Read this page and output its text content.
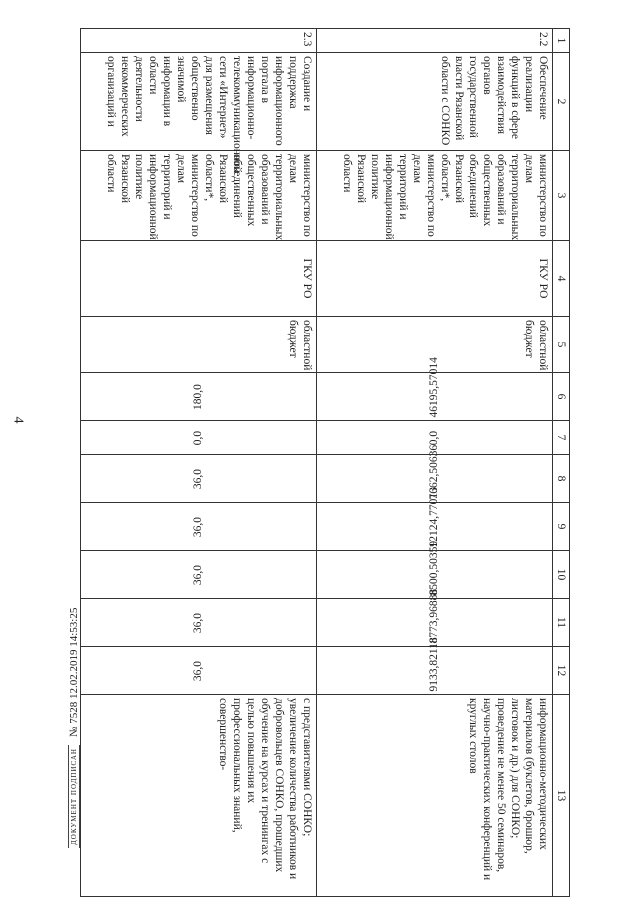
4
1	2	3	4	5	6	7	8	9	10	11	12	13
2.2	Обеспечение реализации функций в сфере взаимодействия органов государственной власти Рязанской области с СОНКО	министерство по делам территориальных образований и общественных объединений Рязанской области*, министерство по делам территорий и информационной политике Рязанской области	ГКУ РО	областной бюджет	46195,57014	0,0	7662,50636	12124,77013	8500,50359	8773,96888	9133,82118	информационно-методических материалов (буклетов, брошюр, листовок и др.) для СОНКО; проведение не менее 50 семинаров, научно-практических конференций и круглых столов
2.3	Создание и поддержка информационного портала в информационно-телекоммуникационной сети «Интернет» для размещения общественно значимой информации в области деятельности некоммерческих организаций и	министерство по делам территориальных образований и общественных объединений Рязанской области*, министерство по делам территорий и информационной политике Рязанской области	ГКУ РО	областной бюджет	180,0	0,0	36,0	36,0	36,0	36,0	36,0	с представителями СОНКО; увеличение количества работников и добровольцев СОНКО, прошедших обучение на курсах и тренингах с целью повышения их профессиональных знаний, совершенство-
ДОКУМЕНТ ПОДПИСАН
№ 7528 12.02.2019 14:53:25
